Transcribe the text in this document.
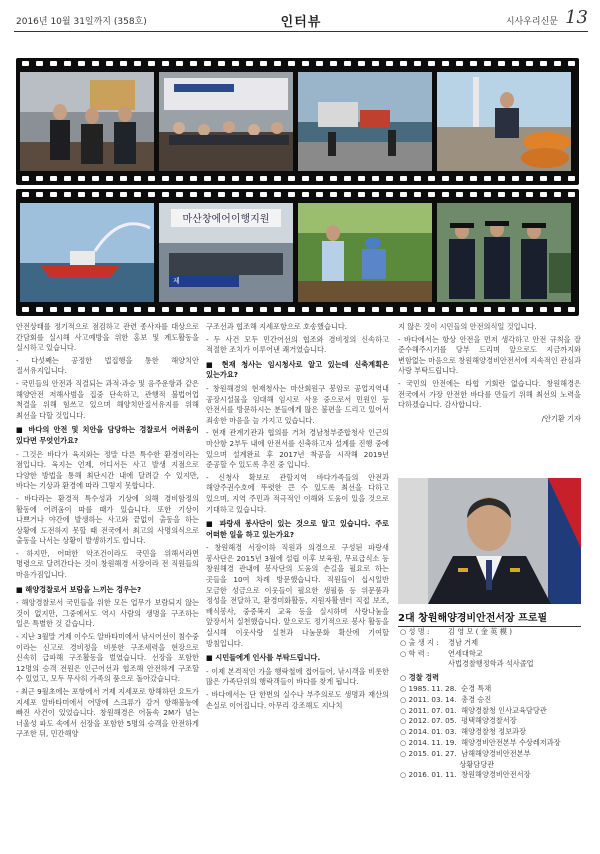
2016년 10월 31일까지 (358호)	인터뷰	시사우리신문 13
마산창에어이행지원
제

안전상태를 정기적으로 점검하고 관련 종사자를 대상으로 간담회를 실시해 사고예방을 위한 홍보 및 계도활동을 실시하고 있습니다.

- 다섯째는 공정한 법집행을 통한 해양치안 질서유지입니다.

- 국민들의 안전과 직결되는 과적·과승 및 음주운항과 같은 해양안전 저해사범을 집중 단속하고, 관행적 불법어업 척결을 위해 힘쓰고 있으며 해양치안질서유지를 위해 최선을 다할 것입니다.

■ 바다의 안전 및 치안을 담당하는 경찰로서 어려움이 있다면 무엇인가요?

- 그것은 바다가 육지와는 정말 다른 특수한 환경이라는 점입니다. 육지는 언제, 어디서든 사고 발생 지점으로 다양한 방법을 통해 최단시간 내에 달려갈 수 있지만, 바다는 기상과 환경에 따라 그렇지 못합니다.

- 바다라는 환경적 특수성과 기상에 의해 경비함정의 활동에 어려움이 따를 때가 있습니다. 또한 기상이 나쁘거나 야간에 발생하는 사고와 끝없이 출동을 하는 상황에 도전하지 못할 때 전국에서 최고의 사명의식으로 출동을 나서는 상황이 발생하기도 합니다.

- 하지만, 어떠한 악조건이라도 국민을 위해서라면 명령으로 달려간다는 것이 창원해경 서장이라 전 직원들의 마음가짐입니다.

■ 해양경찰로서 보람을 느끼는 경우는?

- 해양경찰로서 국민들을 위한 모든 업무가 보람되지 않는 것이 없지만, 그중에서도 역시 사람의 생명을 구조하는 일은 특별한 것 같습니다.

- 지난 3월말 거제 이수도 알바타미에서 낚시어선이 침수중 이라는 신고로 경비정을 비롯한 구조세력을 현장으로 신속히 급파해 구조활동을 벌였습니다. 선장을 포함한 12명의 승객 전원은 인근어선과 협조해 안전하게 구조할 수 있었고, 모두 무사히 가족의 품으로 돌아갔습니다.

- 최근 9월초에는 포항에서 거제 지세포로 항해하던 요트가 지세포 알바타미에서 어망에 스크류가 감겨 항해불능에 빠진 사건이 있었습니다. 창원해경은 어둠속 2M가 넘는 너울성 파도 속에서 선장을 포함한 5명의 승객을 안전하게 구조한 뒤, 민간해양

구조선과 협조해 지세포항으로 호송했습니다.

- 두 사건 모두 민간어선의 협조와 경비정의 신속하고 적절한 조치가 이루어낸 쾌거였습니다.

■ 현재 청사는 임시청사로 알고 있는데 신축계획은 있는가요?

- 창원해경의 현재청사는 마산회원구 봉암로 공업지역내 공장시설물을 임대해 임시로 사용 중으로서 민원인 등 안전서를 방문하시는 분들에게 많은 불편을 드리고 있어서 죄송한 마음을 늘 가지고 있습니다.

- 현재 관계기관과 협의를 거쳐 경남청부준합청사 인근의 마산항 2부두 내에 안전서를 신축하고자 설계를 진행 중에 있으며 설계완료 후 2017년 착공을 시작해 2019년 준공할 수 있도록 추진 중 입니다.

- 신청사 확보로 관할지역 바다가족들의 안전과 해양주권수호에 뚜렷한 큰 수 있도록 최선을 다하고 있으며, 지역 주민과 적극적인 이해와 도움이 있을 것으로 기대하고 있습니다.

■ 파랑새 봉사단이 있는 것으로 알고 있습니다. 주로 어떠한 일을 하고 있는가요?

- 창원해경 서장이하 직원과 의경으로 구성된 파랑새 봉사단은 2015년 3월에 설립 이후 보육원, 무료급식소 등 창원해경 관내에 봉사단의 도움의 손길을 필요로 하는 곳들을 10여 차례 방문했습니다. 직원들이 십시일반 모금한 성금으로 이웃들이 필요한 생필품 등 위문품과 정성을 전달하고, 환경미화활동, 지원자활센터 직접 보조, 배식봉사, 중증복지 교육 등을 실시하며 사랑나눔을 앞장서서 실천했습니다. 앞으로도 정기적으로 봉사 활동을 실시해 이웃사랑 실천과 나눔문화 확산에 기여할 방침입니다.

■ 시민들에게 인사를 부탁드립니다.

- 이제 본격적인 가을 행락철에 접어들어, 낚시객을 비롯한 많은 가족단위의 행락객들이 바다를 찾게 됩니다.

- 바다에서는 단 한번의 실수나 부주의로도 생명과 재산의 손실로 이어집니다. 아무리 강조해도 지나치

지 않은 것이 시민들의 안전의식일 것입니다.

- 바다에서는 항상 안전을 먼저 생각하고 안전 규칙을 잘 준수해주시기를 당부 드리며 앞으로도 지금까지와 변함없는 마음으로 창원해양경비안전서에 지속적인 관심과 사랑 부탁드립니다.

- 국민의 안전에는 타협 기회란 없습니다. 창원해경은 전국에서 가장 안전한 바다를 만들기 위해 최선의 노력을 다하겠습니다. 감사합니다.

/안기환 기자

2대 창원해양경비안전서장 프로필
○ 성 명 :	김 영 모 ( 金 英 模 )
○ 출 생 지 :	경남 거제
○ 학 력 :	연세대학교
사법경찰행정학과 석사졸업
○ 경찰 경력
○ 1985. 11. 28.  순경 특채
○ 2011. 03. 14.  총경 승진
○ 2011. 07. 01.  해양경찰청 인사교육담당관
○ 2012. 07. 05.  평택해양경찰서장
○ 2014. 01. 03.  해양경찰청 정보과장
○ 2014. 11. 19.  해양경비안전본부 수상레저과장
○ 2015. 01. 27.  남해해양경비안전본부
상황담당관
○ 2016. 01. 11.  창원해양경비안전서장
